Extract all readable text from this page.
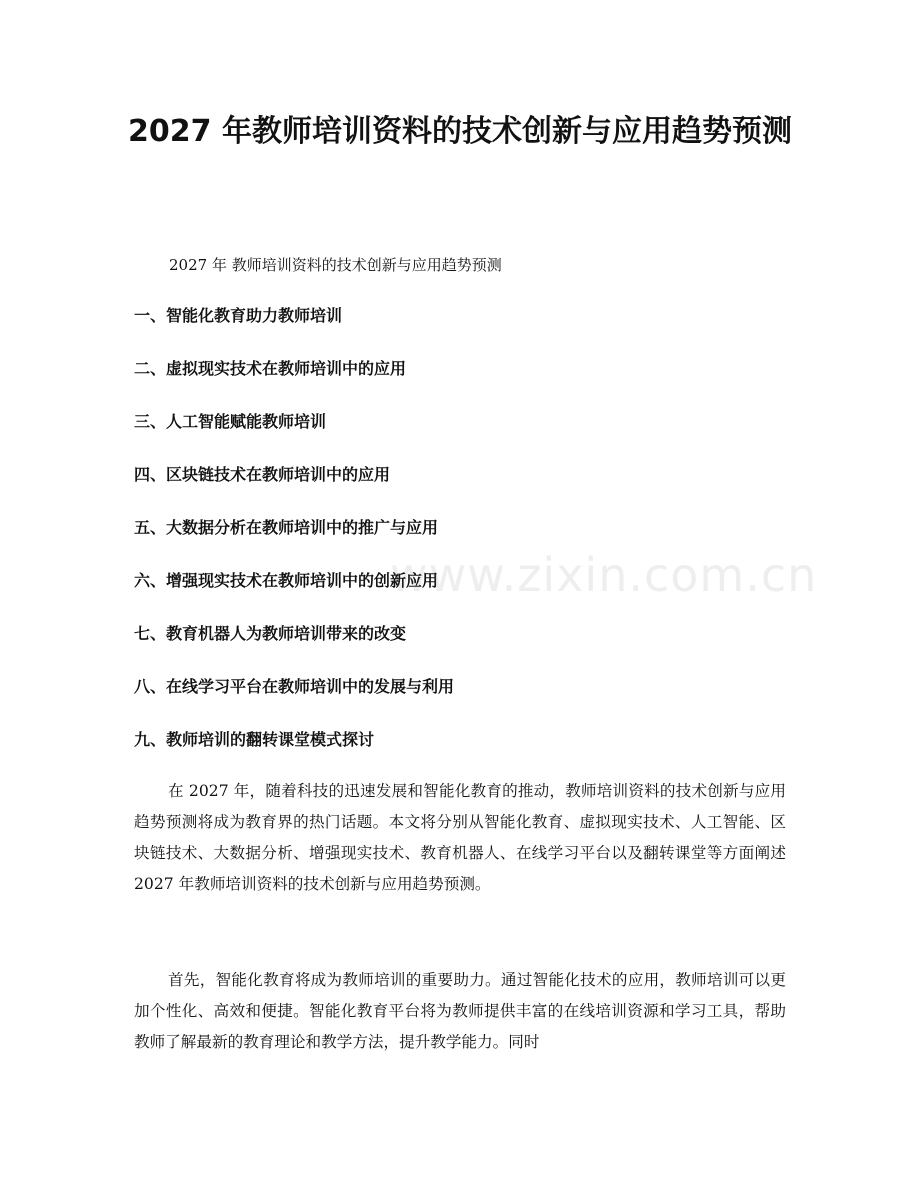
2027 年教师培训资料的技术创新与应用趋势预测

2027 年 教师培训资料的技术创新与应用趋势预测

一、智能化教育助力教师培训
二、虚拟现实技术在教师培训中的应用
三、人工智能赋能教师培训
四、区块链技术在教师培训中的应用
五、大数据分析在教师培训中的推广与应用
六、增强现实技术在教师培训中的创新应用
七、教育机器人为教师培训带来的改变
八、在线学习平台在教师培训中的发展与利用
九、教师培训的翻转课堂模式探讨

在 2027 年，随着科技的迅速发展和智能化教育的推动，教师培训资料的技术创新与应用趋势预测将成为教育界的热门话题。本文将分别从智能化教育、虚拟现实技术、人工智能、区块链技术、大数据分析、增强现实技术、教育机器人、在线学习平台以及翻转课堂等方面阐述 2027 年教师培训资料的技术创新与应用趋势预测。

首先，智能化教育将成为教师培训的重要助力。通过智能化技术的应用，教师培训可以更加个性化、高效和便捷。智能化教育平台将为教师提供丰富的在线培训资源和学习工具，帮助教师了解最新的教育理论和教学方法，提升教学能力。同时

www.zixin.com.cn
